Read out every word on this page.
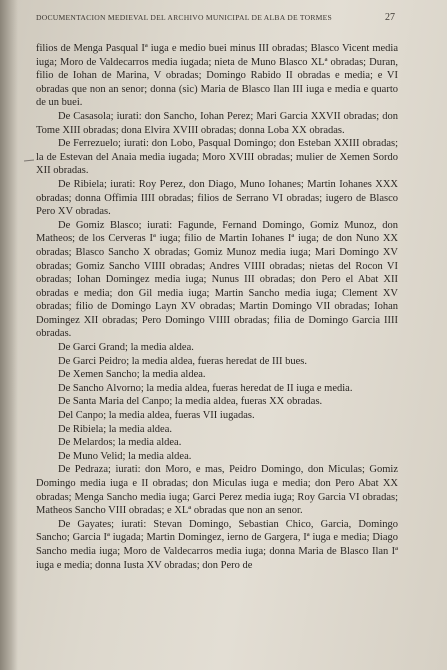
DOCUMENTACION MEDIEVAL DEL ARCHIVO MUNICIPAL DE ALBA DE TORMES	27

filios de Menga Pasqual Iª iuga e medio buei minus III obradas; Blasco Vicent media iuga; Moro de Valdecarros media iugada; nieta de Muno Blasco XLª obradas; Duran, filio de Iohan de Marina, V obradas; Domingo Rabido II obradas e media; e VI obradas que non an senor; donna (sic) Maria de Blasco Ilan III iuga e media e quarto de un buei.

De Casasola; iurati: don Sancho, Iohan Perez; Mari Garcia XXVII obradas; don Tome XIII obradas; dona Elvira XVIII obradas; donna Loba XX obradas.

De Ferrezuelo; iurati: don Lobo, Pasqual Domingo; don Esteban XXIII obradas; la de Estevan del Anaia media iugada; Moro XVIII obradas; mulier de Xemen Sordo XII obradas.

De Ribiela; iurati: Roy Perez, don Diago, Muno Iohanes; Martin Iohanes XXX obradas; donna Offimia IIII obradas; filios de Serrano VI obradas; iugero de Blasco Pero XV obradas.

De Gomiz Blasco; iurati: Fagunde, Fernand Domingo, Gomiz Munoz, don Matheos; de los Cerveras Iª iuga; filio de Martin Iohanes Iª iuga; de don Nuno XX obradas; Blasco Sancho X obradas; Gomiz Munoz media iuga; Mari Domingo XV obradas; Gomiz Sancho VIIII obradas; Andres VIIII obradas; nietas del Rocon VI obradas; Iohan Domingez media iuga; Nunus III obradas; don Pero el Abat XII obradas e media; don Gil media iuga; Martin Sancho media iuga; Clement XV obradas; filio de Domingo Layn XV obradas; Martin Domingo VII obradas; Iohan Domingez XII obradas; Pero Domingo VIIII obradas; filia de Domingo Garcia IIII obradas.

De Garci Grand; la media aldea.

De Garci Peidro; la media aldea, fueras heredat de III bues.

De Xemen Sancho; la media aldea.

De Sancho Alvorno; la media aldea, fueras heredat de II iuga e media.

De Santa Maria del Canpo; la media aldea, fueras XX obradas.

Del Canpo; la media aldea, fueras VII iugadas.

De Ribiela; la media aldea.

De Melardos; la media aldea.

De Muno Velid; la media aldea.

De Pedraza; iurati: don Moro, e mas, Peidro Domingo, don Miculas; Gomiz Domingo media iuga e II obradas; don Miculas iuga e media; don Pero Abat XX obradas; Menga Sancho media iuga; Garci Perez media iuga; Roy Garcia VI obradas; Matheos Sancho VIII obradas; e XLª obradas que non an senor.

De Gayates; iurati: Stevan Domingo, Sebastian Chico, Garcia, Domingo Sancho; Garcia Iª iugada; Martin Domingez, ierno de Gargera, Iª iuga e media; Diago Sancho media iuga; Moro de Valdecarros media iuga; donna Maria de Blasco Ilan Iª iuga e media; donna Iusta XV obradas; don Pero de
